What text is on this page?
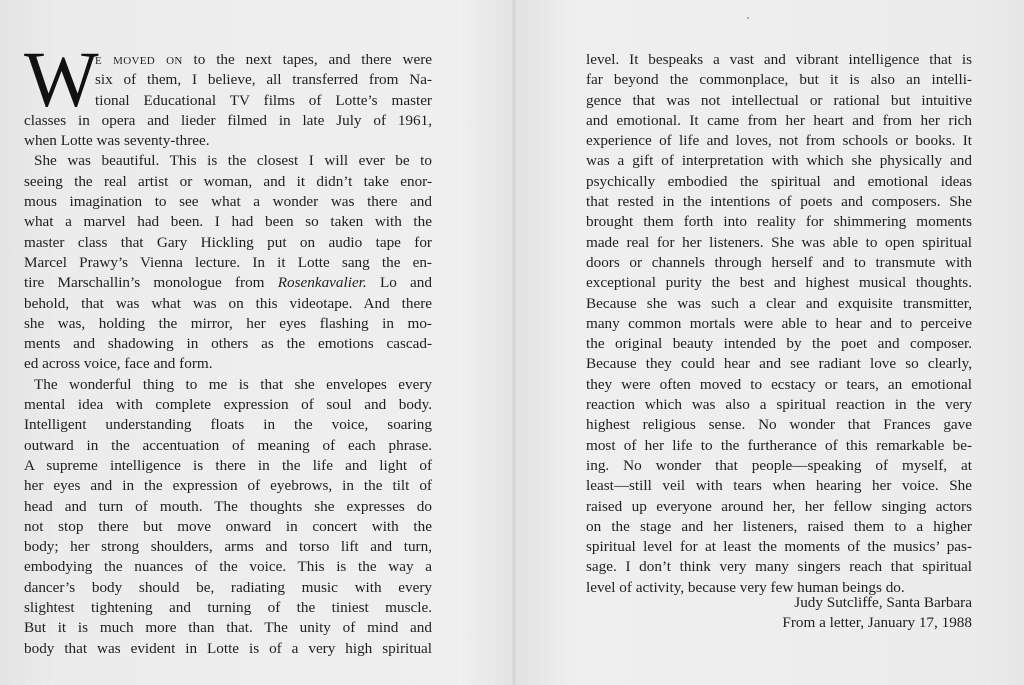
W
e moved on to the next tapes, and there were
six of them, I believe, all transferred from Na-
tional Educational TV films of Lotte’s master
classes in opera and lieder filmed in late July of 1961,
when Lotte was seventy-three.
She was beautiful. This is the closest I will ever be to
seeing the real artist or woman, and it didn’t take enor-
mous imagination to see what a wonder was there and
what a marvel had been. I had been so taken with the
master class that Gary Hickling put on audio tape for
Marcel Prawy’s Vienna lecture. In it Lotte sang the en-
tire Marschallin’s monologue from Rosenkavalier. Lo and
behold, that was what was on this videotape. And there
she was, holding the mirror, her eyes flashing in mo-
ments and shadowing in others as the emotions cascad-
ed across voice, face and form.
The wonderful thing to me is that she envelopes every
mental idea with complete expression of soul and body.
Intelligent understanding floats in the voice, soaring
outward in the accentuation of meaning of each phrase.
A supreme intelligence is there in the life and light of
her eyes and in the expression of eyebrows, in the tilt of
head and turn of mouth. The thoughts she expresses do
not stop there but move onward in concert with the
body; her strong shoulders, arms and torso lift and turn,
embodying the nuances of the voice. This is the way a
dancer’s body should be, radiating music with every
slightest tightening and turning of the tiniest muscle.
But it is much more than that. The unity of mind and
body that was evident in Lotte is of a very high spiritual
level. It bespeaks a vast and vibrant intelligence that is
far beyond the commonplace, but it is also an intelli-
gence that was not intellectual or rational but intuitive
and emotional. It came from her heart and from her rich
experience of life and loves, not from schools or books. It
was a gift of interpretation with which she physically and
psychically embodied the spiritual and emotional ideas
that rested in the intentions of poets and composers. She
brought them forth into reality for shimmering moments
made real for her listeners. She was able to open spiritual
doors or channels through herself and to transmute with
exceptional purity the best and highest musical thoughts.
Because she was such a clear and exquisite transmitter,
many common mortals were able to hear and to perceive
the original beauty intended by the poet and composer.
Because they could hear and see radiant love so clearly,
they were often moved to ecstacy or tears, an emotional
reaction which was also a spiritual reaction in the very
highest religious sense. No wonder that Frances gave
most of her life to the furtherance of this remarkable be-
ing. No wonder that people—speaking of myself, at
least—still veil with tears when hearing her voice. She
raised up everyone around her, her fellow singing actors
on the stage and her listeners, raised them to a higher
spiritual level for at least the moments of the musics’ pas-
sage. I don’t think very many singers reach that spiritual
level of activity, because very few human beings do.
Judy Sutcliffe, Santa Barbara
From a letter, January 17, 1988
